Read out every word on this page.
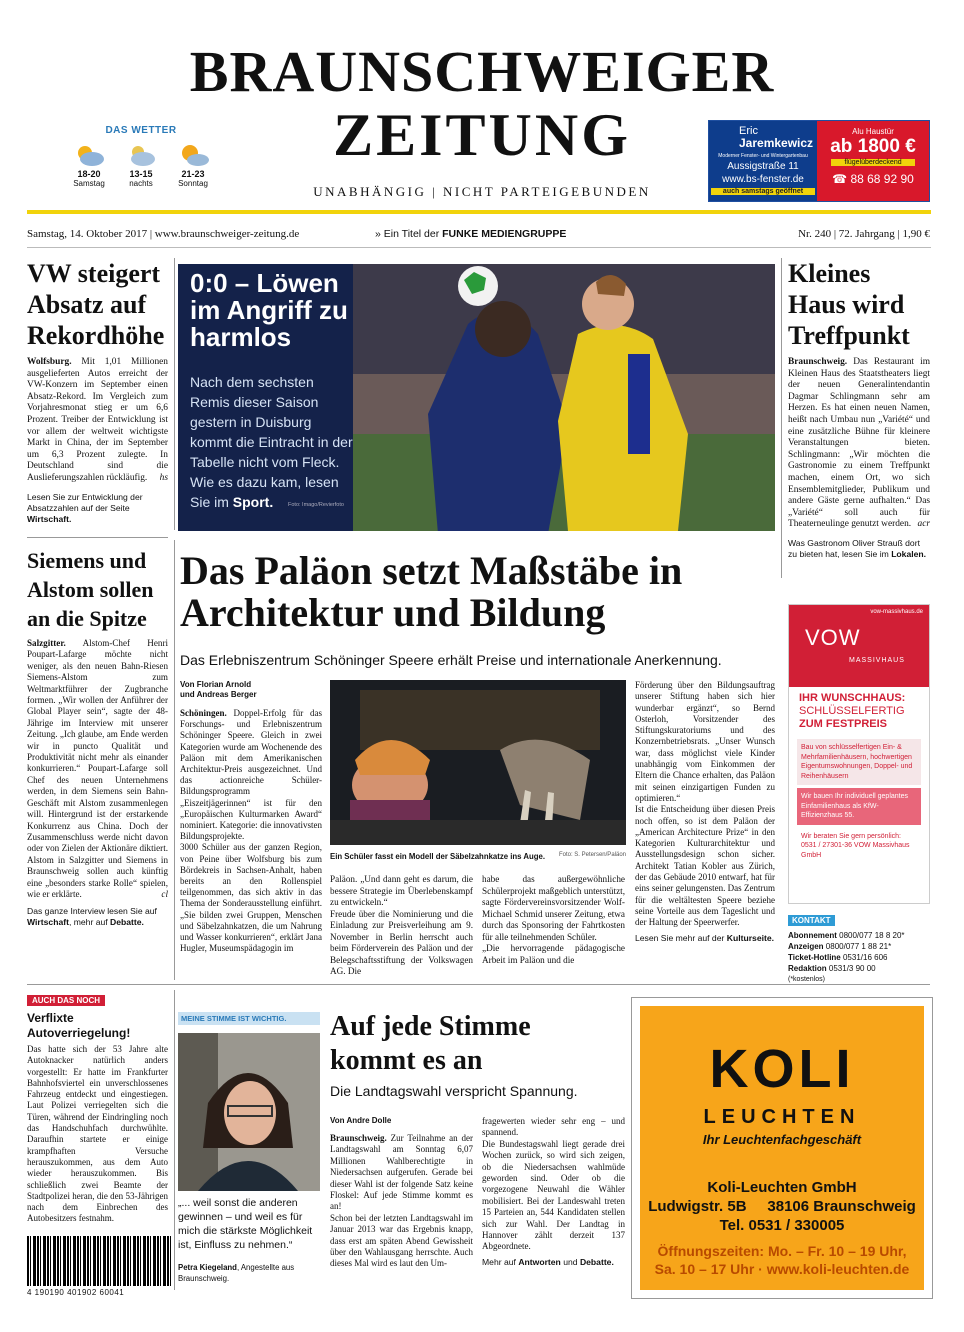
BRAUNSCHWEIGER
ZEITUNG
UNABHÄNGIG | NICHT PARTEIGEBUNDEN
DAS WETTER
18-20
Samstag
13-15
nachts
21-23
Sonntag
Eric
Jaremkewicz
Moderner Fenster- und Wintergartenbau
Aussigstraße 11
www.bs-fenster.de
auch samstags geöffnet
Alu Haustür
ab 1800 €
flügelüberdeckend
☎ 88 68 92 90
Samstag, 14. Oktober 2017 | www.braunschweiger-zeitung.de	» Ein Titel der FUNKE MEDIENGRUPPE	Nr. 240 | 72. Jahrgang | 1,90 €
VW steigert Absatz auf Rekordhöhe
Wolfsburg. Mit 1,01 Millionen ausgelieferten Autos erreicht der VW-Konzern im September einen Absatz-Rekord. Im Vergleich zum Vorjahresmonat stieg er um 6,6 Prozent. Treiber der Entwicklung ist vor allem der weltweit wichtigste Markt in China, der im September um 6,3 Prozent zulegte. In Deutschland sind die Auslieferungszahlen rückläufig. hs
Lesen Sie zur Entwicklung der Absatzzahlen auf der Seite Wirtschaft.
0:0 – Löwen im Angriff zu harmlos
Nach dem sechsten Remis dieser Saison gestern in Duisburg kommt die Eintracht in der Tabelle nicht vom Fleck. Wie es dazu kam, lesen Sie im Sport.	Foto: Imago/Revierfoto
Kleines Haus wird Treffpunkt
Braunschweig. Das Restaurant im Kleinen Haus des Staatstheaters liegt der neuen Generalintendantin Dagmar Schlingmann sehr am Herzen. Es hat einen neuen Namen, heißt nach Umbau nun „Variété“ und eine zusätzliche Bühne für kleinere Veranstaltungen bieten. Schlingmann: „Wir möchten die Gastronomie zu einem Treffpunkt machen, einem Ort, wo sich Ensemblemitglieder, Publikum und andere Gäste gerne aufhalten.“ Das „Variété“ soll auch für Theaterneulinge genutzt werden. acr
Was Gastronom Oliver Strauß dort zu bieten hat, lesen Sie im Lokalen.
Siemens und Alstom sollen an die Spitze
Salzgitter. Alstom-Chef Henri Poupart-Lafarge möchte nicht weniger, als den neuen Bahn-Riesen Siemens-Alstom zum Weltmarktführer der Zugbranche formen. „Wir wollen der Anführer der Global Player sein“, sagte der 48-Jährige im Interview mit unserer Zeitung. „Ich glaube, am Ende werden wir in puncto Qualität und Produktivität nicht mehr als einander konkurrieren.“ Poupart-Lafarge soll Chef des neuen Unternehmens werden, in dem Siemens sein Bahn-Geschäft mit Alstom zusammenlegen will. Hintergrund ist der erstarkende Konkurrenz aus China. Doch der Zusammenschluss werde nicht davon oder von Zielen der Aktionäre diktiert. Alstom in Salzgitter und Siemens in Braunschweig sollen auch künftig eine „besonders starke Rolle“ spielen, wie er erklärte.	cl
Das ganze Interview lesen Sie auf Wirtschaft, mehr auf Debatte.
Das Paläon setzt Maßstäbe in Architektur und Bildung
Das Erlebniszentrum Schöninger Speere erhält Preise und internationale Anerkennung.
Von Florian Arnold
und Andreas Berger
Schöningen. Doppel-Erfolg für das Forschungs- und Erlebniszentrum Schöninger Speere. Gleich in zwei Kategorien wurde am Wochenende des Paläon mit dem Amerikanischen Architektur-Preis ausgezeichnet. Und das actionreiche Schüler-Bildungsprogramm „Eiszeitjägerinnen“ ist für den „Europäischen Kulturmarken Award“ nominiert. Kategorie: die innovativsten Bildungsprojekte.
3000 Schüler aus der ganzen Region, von Peine über Wolfsburg bis zum Bördekreis in Sachsen-Anhalt, haben bereits an den Rollenspiel teilgenommen, das sich aktiv in das Thema der Sonderausstellung einführt. „Sie bilden zwei Gruppen, Menschen und Säbelzahnkatzen, die um Nahrung und Wasser konkurrieren“, erklärt Jana Hugler, Museumspädagogin im
Ein Schüler fasst ein Modell der Säbelzahnkatze ins Auge. Foto: S. Petersen/Paläon
Paläon. „Und dann geht es darum, die bessere Strategie im Überlebenskampf zu entwickeln.“
Freude über die Nominierung und die Einladung zur Preisverleihung am 9. November in Berlin herrscht auch beim Förderverein des Paläon und der Belegschaftsstiftung der Volkswagen AG. Die
habe das außergewöhnliche Schülerprojekt maßgeblich unterstützt, sagte Fördervereinsvorsitzender Wolf-Michael Schmid unserer Zeitung, etwa durch das Sponsoring der Fahrtkosten für alle teilnehmenden Schüler.
„Die hervorragende pädagogische Arbeit im Paläon und die
Förderung über den Bildungsauftrag unserer Stiftung haben sich hier wunderbar ergänzt“, so Bernd Osterloh, Vorsitzender des Stiftungskuratoriums und des Konzernbetriebsrats. „Unser Wunsch war, dass möglichst viele Kinder unabhängig vom Einkommen der Eltern die Chance erhalten, das Paläon mit seinen einzigartigen Funden zu optimieren.“
Ist die Entscheidung über diesen Preis noch offen, so ist dem Paläon der „American Architecture Prize“ in den Kategorien Kulturarchitektur und Ausstellungsdesign schon sicher. Architekt Tatian Kobler aus Zürich, der das Gebäude 2010 entwarf, hat für eins seiner gelungensten. Das Zentrum für die weltältesten Speere beziehe seine Vorteile aus dem Tageslicht und der Haltung der Speerwerfer.
Lesen Sie mehr auf der Kulturseite.
vow-massivhaus.de
VOW
MASSIVHAUS
IHR WUNSCHHAUS:
SCHLÜSSELFERTIG
ZUM FESTPREIS
Bau von schlüsselfertigen Ein- & Mehrfamilienhäusern, hochwertigen Eigentumswohnungen, Doppel- und Reihenhäusern
Wir bauen Ihr individuell geplantes Einfamilienhaus als KfW-Effizienzhaus 55.
Wir beraten Sie gern persönlich: 0531 / 27301-36 VOW Massivhaus GmbH
KONTAKT
Abonnement 0800/077 18 8 20*
Anzeigen 0800/077 1 88 21*
Ticket-Hotline 0531/16 606
Redaktion 0531/3 90 00
(*kostenlos)
AUCH DAS NOCH
Verflixte Autoverriegelung!
Das hatte sich der 53 Jahre alte Autoknacker natürlich anders vorgestellt: Er hatte im Frankfurter Bahnhofsviertel ein unverschlossenes Fahrzeug entdeckt und eingestiegen. Laut Polizei verriegelten sich die Türen, während der Eindringling noch das Handschuhfach durchwühlte. Daraufhin startete er einige krampfhaften Versuche herauszukommen, aus dem Auto wieder herauszukommen. Bis schließlich zwei Beamte der Stadtpolizei heran, die den 53-Jährigen nach dem Einbrechen des Autobesitzers festnahm.
4 190190 401902 60041
MEINE STIMME IST WICHTIG.
„... weil sonst die anderen gewinnen – und weil es für mich die stärkste Möglichkeit ist, Einfluss zu nehmen.“
Petra Kiegeland, Angestellte aus Braunschweig.
Auf jede Stimme kommt es an
Die Landtagswahl verspricht Spannung.
Von Andre Dolle
Braunschweig. Zur Teilnahme an der Landtagswahl am Sonntag 6,07 Millionen Wahlberechtigte in Niedersachsen aufgerufen. Gerade bei dieser Wahl ist der folgende Satz keine Floskel: Auf jede Stimme kommt es an!
Schon bei der letzten Landtagswahl im Januar 2013 war das Ergebnis knapp, dass erst am späten Abend Gewissheit über den Wahlausgang herrschte. Auch dieses Mal wird es laut den Um-
fragewerten wieder sehr eng – und spannend.
Die Bundestagswahl liegt gerade drei Wochen zurück, so wird sich zeigen, ob die Niedersachsen wahlmüde geworden sind. Oder ob die vorgezogene Neuwahl die Wähler mobilisiert. Bei der Landeswahl treten 15 Parteien an, 544 Kandidaten stellen sich zur Wahl. Der Landtag in Hannover zählt derzeit 137 Abgeordnete.
Mehr auf Antworten und Debatte.
KOLI
LEUCHTEN
Ihr Leuchtenfachgeschäft
Koli-Leuchten GmbH
Ludwigstr. 5B     38106 Braunschweig
Tel. 0531 / 330005
Öffnungszeiten: Mo. – Fr. 10 – 19 Uhr,
Sa. 10 – 17 Uhr · www.koli-leuchten.de
